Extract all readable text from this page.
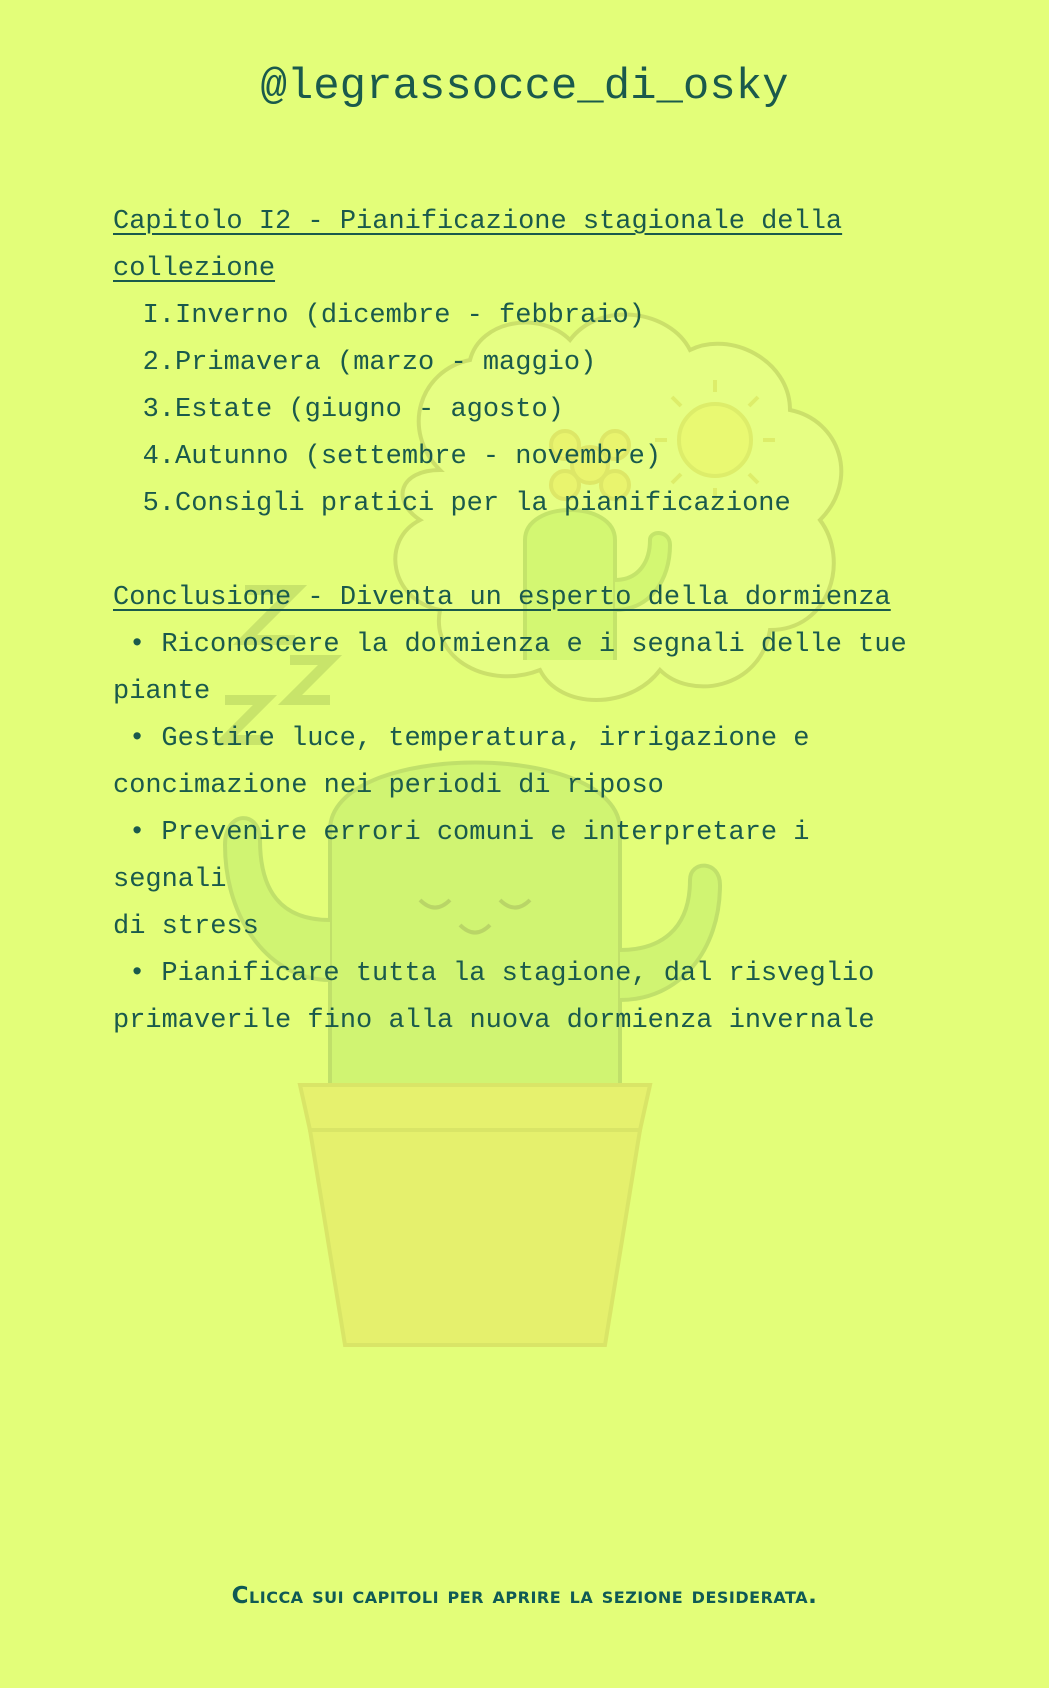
@legrassocce_di_osky
Capitolo I2 - Pianificazione stagionale della
collezione
I. Inverno (dicembre - febbraio)
2. Primavera (marzo - maggio)
3. Estate (giugno - agosto)
4. Autunno (settembre - novembre)
5. Consigli pratici per la pianificazione
Conclusione - Diventa un esperto della dormienza
• Riconoscere la dormienza e i segnali delle tue
piante
• Gestire luce, temperatura, irrigazione e
concimazione nei periodi di riposo
• Prevenire errori comuni e interpretare i segnali
di stress
• Pianificare tutta la stagione, dal risveglio
primaverile fino alla nuova dormienza invernale
Clicca sui capitoli per aprire la sezione desiderata.
